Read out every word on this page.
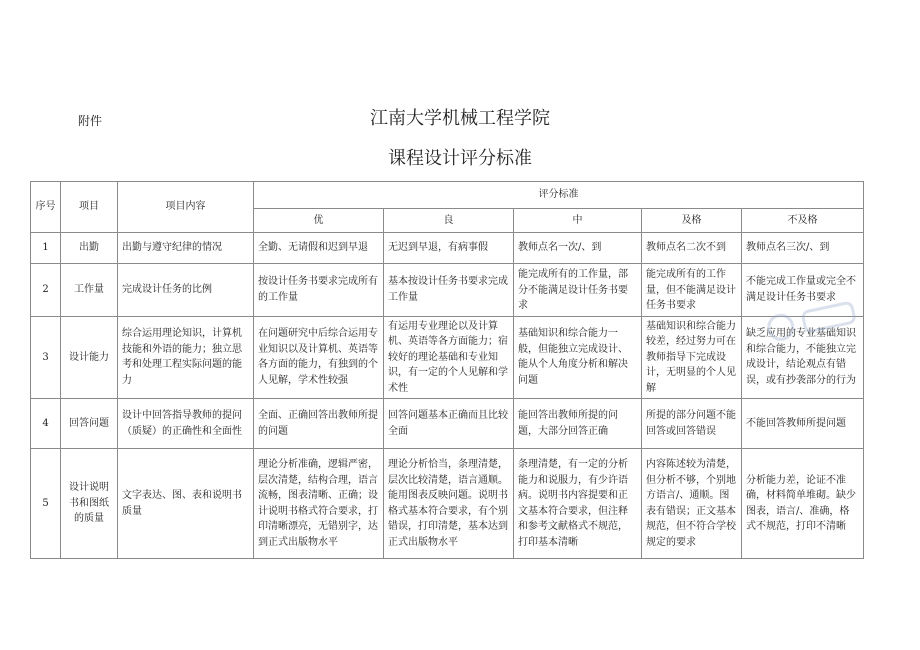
附件	江南大学机械工程学院
课程设计评分标准
序号	项目	项目内容	评分标准				
			优	良	中	及格	不及格
1	出勤	出勤与遵守纪律的情况	全勤、无请假和迟到早退	无迟到早退，有病事假	教师点名一次/、到	教师点名二次不到	教师点名三次/、到
2	工作量	完成设计任务的比例	按设计任务书要求完成所有的工作量	基本按设计任务书要求完成工作量	能完成所有的工作量，部分不能满足设计任务书要求	能完成所有的工作量，但不能满足设计任务书要求	不能完成工作量或完全不满足设计任务书要求
3	设计能力	综合运用理论知识，计算机技能和外语的能力；独立思考和处理工程实际问题的能力	在问题研究中后综合运用专业知识以及计算机、英语等各方面的能力，有独到的个人见解，学术性较强	有运用专业理论以及计算机、英语等各方面能力；宿较好的理论基础和专业知识，有一定的个人见解和学术性	基础知识和综合能力一般，但能独立完成设计、能从个人角度分析和解决问题	基础知识和综合能力较差，经过努力可在教师指导下完成设计，无明显的个人见解	缺乏应用的专业基础知识和综合能力，不能独立完成设计，结论观点有错误，或有抄袭部分的行为
4	回答问题	设计中回答指导教师的提问（质疑）的正确性和全面性	全面、正确回答出教师所提的问题	回答问题基本正确而且比较全面	能回答出教师所提的问题，大部分回答正确	所提的部分问题不能回答或回答错误	不能回答教师所提问题
5	设计说明书和图纸的质量	文字表达、图、表和说明书质量	理论分析准确，逻辑严密，层次清楚，结构合理，语言流畅，图表清晰、正确；设计说明书格式符合要求，打印清晰漂亮，无错别字，达到正式出版物水平	理论分析恰当，条理清楚，层次比较清楚，语言通顺。能用图表反映问题。说明书格式基本符合要求，有个别错误，打印清楚，基本达到正式出版物水平	条理清楚，有一定的分析能力和说服力，有少许语病。说明书内容提要和正文基本符合要求，但注释和参考文献格式不规范，打印基本清晰	内容陈述较为清楚，但分析不够，个别地方语言/、通顺。图表有错误；正文基本规范，但不符合学校规定的要求	分析能力差，论证不准确，材料简单堆砌。缺少图表，语言/、准确，格式不规范，打印不清晰
